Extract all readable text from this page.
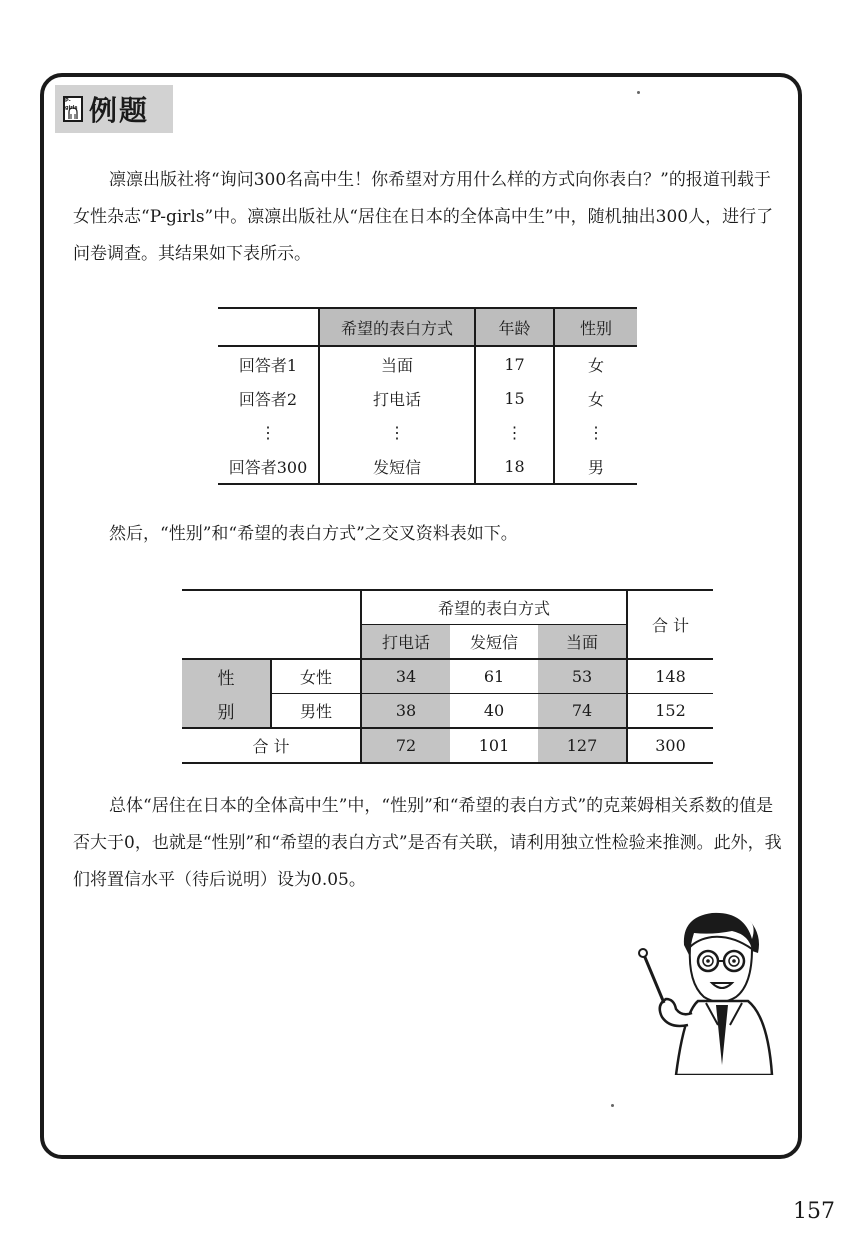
P-girls 例题

凛凛出版社将“询问300名高中生！你希望对方用什么样的方式向你表白？”的报道刊载于女性杂志“P-girls”中。凛凛出版社从“居住在日本的全体高中生”中，随机抽出300人，进行了问卷调查。其结果如下表所示。

	希望的表白方式	年龄	性别
回答者1	当面	17	女
回答者2	打电话	15	女
⋮	⋮	⋮	⋮
回答者300	发短信	18	男

然后，“性别”和“希望的表白方式”之交叉资料表如下。

		希望的表白方式			合 计
		打电话	发短信	当面	
性	女性	34	61	53	148
别	男性	38	40	74	152
合 计		72	101	127	300

总体“居住在日本的全体高中生”中，“性别”和“希望的表白方式”的克莱姆相关系数的值是否大于0，也就是“性别”和“希望的表白方式”是否有关联，请利用独立性检验来推测。此外，我们将置信水平（待后说明）设为0.05。

157
